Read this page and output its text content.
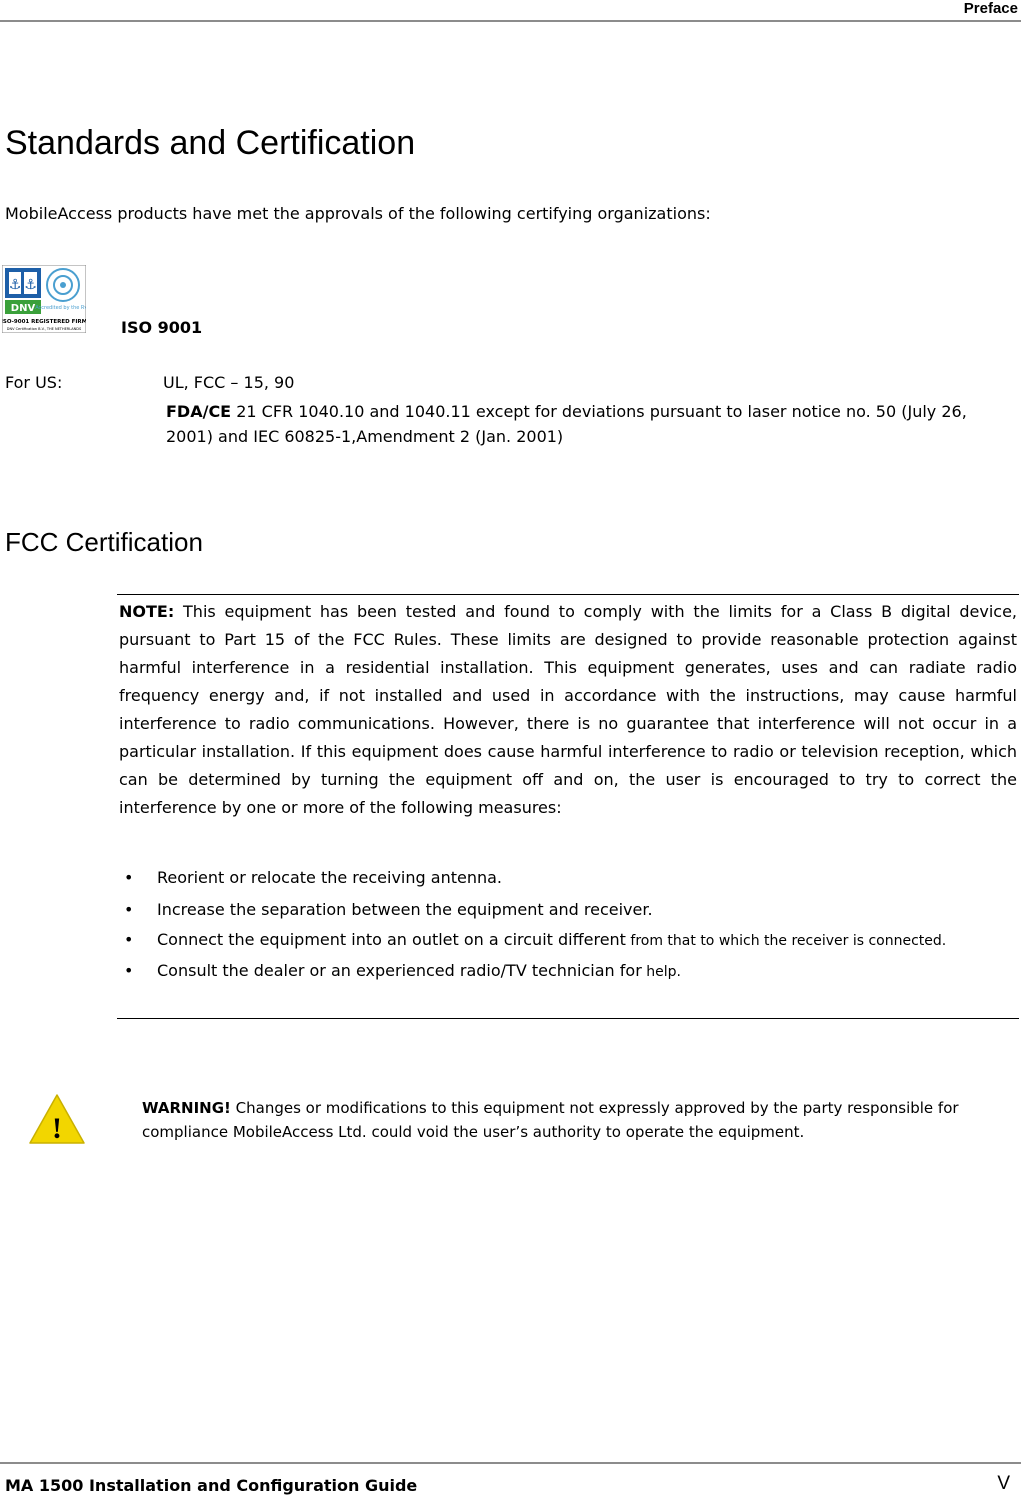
Preface
Standards and Certification
MobileAccess products have met the approvals of the following certifying organizations:
⚓ ⚓
DNV Accredited by the RvA
ISO-9001 REGISTERED FIRM
DNV Certification B.V., THE NETHERLANDS ISO 9001
For US:	UL, FCC – 15, 90
FDA/CE 21 CFR 1040.10 and 1040.11 except for deviations pursuant to laser notice no. 50 (July 26, 2001) and IEC 60825-1,Amendment 2 (Jan. 2001)
FCC Certification
NOTE: This equipment has been tested and found to comply with the limits for a Class B digital device, pursuant to Part 15 of the FCC Rules. These limits are designed to provide reasonable protection against harmful interference in a residential installation. This equipment generates, uses and can radiate radio frequency energy and, if not installed and used in accordance with the instructions, may cause harmful interference to radio communications. However, there is no guarantee that interference will not occur in a particular installation. If this equipment does cause harmful interference to radio or television reception, which can be determined by turning the equipment off and on, the user is encouraged to try to correct the interference by one or more of the following measures:
• Reorient or relocate the receiving antenna.
• Increase the separation between the equipment and receiver.
• Connect the equipment into an outlet on a circuit different from that to which the receiver is connected.
• Consult the dealer or an experienced radio/TV technician for help.
!
WARNING! Changes or modifications to this equipment not expressly approved by the party responsible for compliance MobileAccess Ltd. could void the user’s authority to operate the equipment.
MA 1500 Installation and Configuration Guide	V
